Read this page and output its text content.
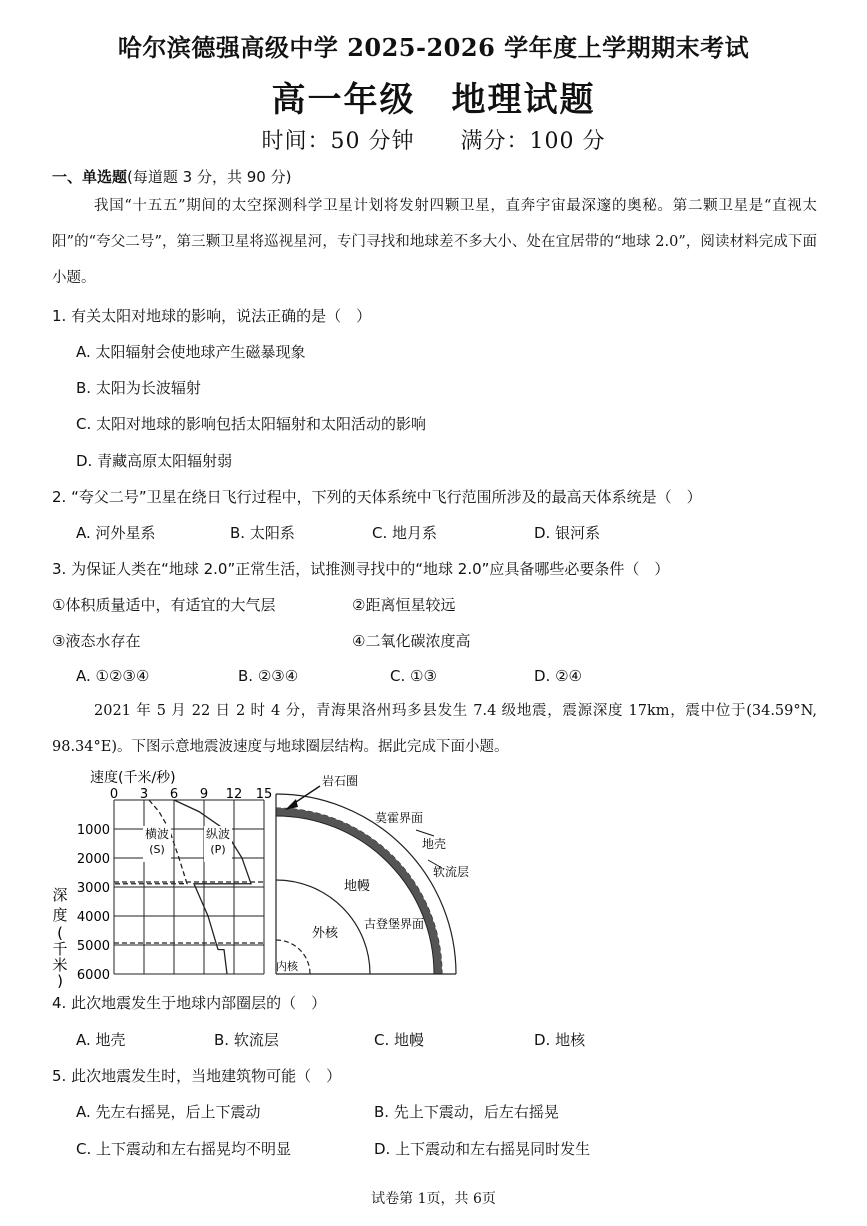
哈尔滨德强高级中学 2025-2026 学年度上学期期末考试
高一年级　地理试题
时间：50 分钟 满分：100 分
一、单选题(每道题 3 分，共 90 分)
我国“十五五”期间的太空探测科学卫星计划将发射四颗卫星，直奔宇宙最深邃的奥秘。第二颗卫星是“直视太阳”的“夸父二号”，第三颗卫星将巡视星河，专门寻找和地球差不多大小、处在宜居带的“地球 2.0”，阅读材料完成下面小题。
1. 有关太阳对地球的影响，说法正确的是（　）
A. 太阳辐射会使地球产生磁暴现象
B. 太阳为长波辐射
C. 太阳对地球的影响包括太阳辐射和太阳活动的影响
D. 青藏高原太阳辐射弱
2. “夸父二号”卫星在绕日飞行过程中，下列的天体系统中飞行范围所涉及的最高天体系统是（　）
A. 河外星系	B. 太阳系	C. 地月系	D. 银河系
3. 为保证人类在“地球 2.0”正常生活，试推测寻找中的“地球 2.0”应具备哪些必要条件（　）
①体积质量适中，有适宜的大气层	②距离恒星较远
③液态水存在	④二氧化碳浓度高
A. ①②③④	B. ②③④	C. ①③	D. ②④
2021 年 5 月 22 日 2 时 4 分，青海果洛州玛多县发生 7.4 级地震，震源深度 17km，震中位于(34.59°N, 98.34°E)。下图示意地震波速度与地球圈层结构。据此完成下面小题。
速度(千米/秒)
0 3 6 9 12 15
1000
2000
3000
4000
5000
6000
深
度
(
千
米
)
横波
(S)
纵波
(P)
岩石圈
莫霍界面
地壳
软流层
地幔
古登堡界面
外核
内核
4. 此次地震发生于地球内部圈层的（　）
A. 地壳	B. 软流层	C. 地幔	D. 地核
5. 此次地震发生时，当地建筑物可能（　）
A. 先左右摇晃，后上下震动	B. 先上下震动，后左右摇晃
C. 上下震动和左右摇晃均不明显	D. 上下震动和左右摇晃同时发生
试卷第 1页，共 6页
